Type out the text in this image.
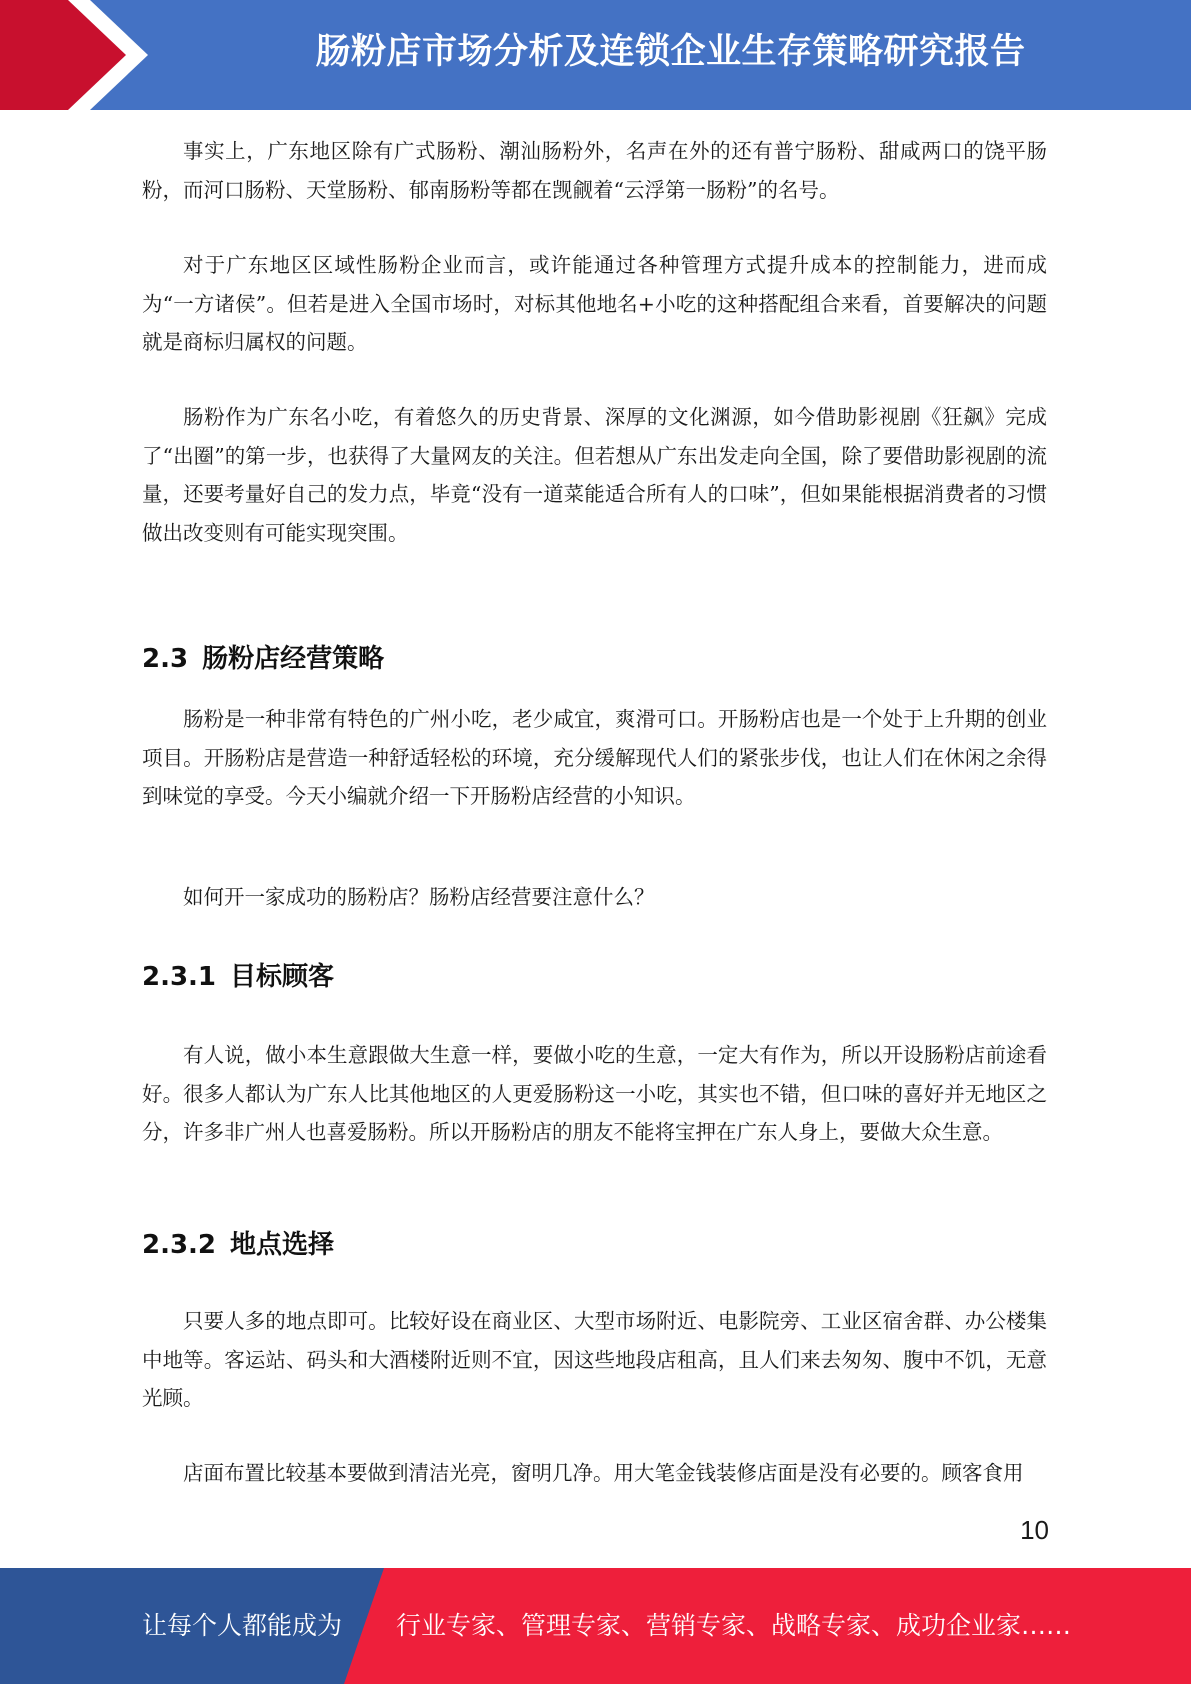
肠粉店市场分析及连锁企业生存策略研究报告

事实上，广东地区除有广式肠粉、潮汕肠粉外，名声在外的还有普宁肠粉、甜咸两口的饶平肠粉，而河口肠粉、天堂肠粉、郁南肠粉等都在觊觎着“云浮第一肠粉”的名号。

对于广东地区区域性肠粉企业而言，或许能通过各种管理方式提升成本的控制能力，进而成为“一方诸侯”。但若是进入全国市场时，对标其他地名+小吃的这种搭配组合来看，首要解决的问题就是商标归属权的问题。

肠粉作为广东名小吃，有着悠久的历史背景、深厚的文化渊源，如今借助影视剧《狂飙》完成了“出圈”的第一步，也获得了大量网友的关注。但若想从广东出发走向全国，除了要借助影视剧的流量，还要考量好自己的发力点，毕竟“没有一道菜能适合所有人的口味”，但如果能根据消费者的习惯做出改变则有可能实现突围。

2.3 肠粉店经营策略

肠粉是一种非常有特色的广州小吃，老少咸宜，爽滑可口。开肠粉店也是一个处于上升期的创业项目。开肠粉店是营造一种舒适轻松的环境，充分缓解现代人们的紧张步伐，也让人们在休闲之余得到味觉的享受。今天小编就介绍一下开肠粉店经营的小知识。

如何开一家成功的肠粉店？肠粉店经营要注意什么？

2.3.1 目标顾客

有人说，做小本生意跟做大生意一样，要做小吃的生意，一定大有作为，所以开设肠粉店前途看好。很多人都认为广东人比其他地区的人更爱肠粉这一小吃，其实也不错，但口味的喜好并无地区之分，许多非广州人也喜爱肠粉。所以开肠粉店的朋友不能将宝押在广东人身上，要做大众生意。

2.3.2 地点选择

只要人多的地点即可。比较好设在商业区、大型市场附近、电影院旁、工业区宿舍群、办公楼集中地等。客运站、码头和大酒楼附近则不宜，因这些地段店租高，且人们来去匆匆、腹中不饥，无意光顾。

店面布置比较基本要做到清洁光亮，窗明几净。用大笔金钱装修店面是没有必要的。顾客食用

10
让每个人都能成为 行业专家、管理专家、营销专家、战略专家、成功企业家……
